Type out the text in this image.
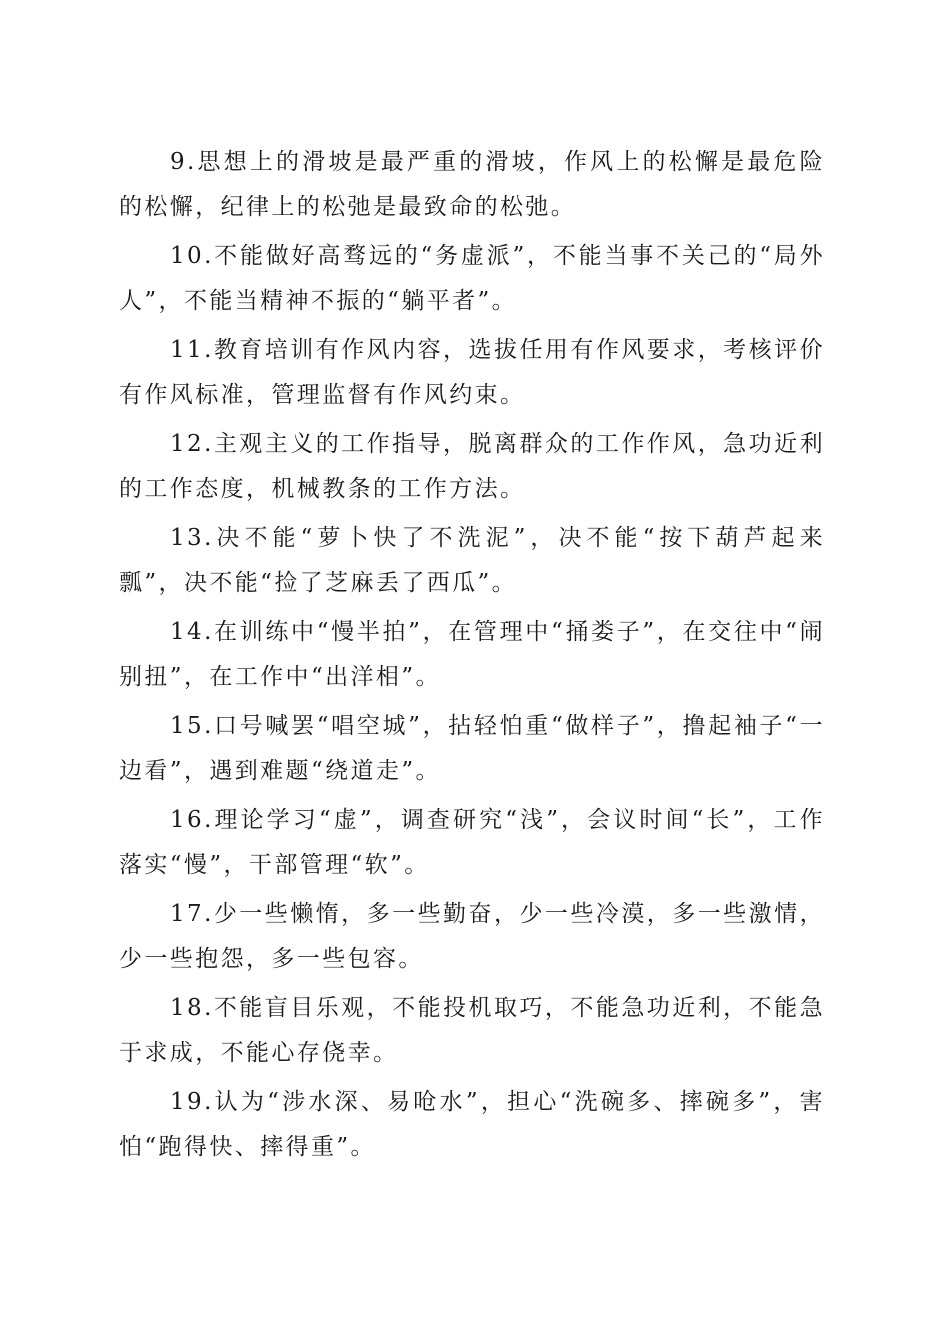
9.思想上的滑坡是最严重的滑坡，作风上的松懈是最危险的松懈，纪律上的松弛是最致命的松弛。

10.不能做好高骛远的“务虚派”，不能当事不关己的“局外人”，不能当精神不振的“躺平者”。

11.教育培训有作风内容，选拔任用有作风要求，考核评价有作风标准，管理监督有作风约束。

12.主观主义的工作指导，脱离群众的工作作风，急功近利的工作态度，机械教条的工作方法。

13.决不能“萝卜快了不洗泥”，决不能“按下葫芦起来瓢”，决不能“捡了芝麻丢了西瓜”。

14.在训练中“慢半拍”，在管理中“捅娄子”，在交往中“闹别扭”，在工作中“出洋相”。

15.口号喊罢“唱空城”，拈轻怕重“做样子”，撸起袖子“一边看”，遇到难题“绕道走”。

16.理论学习“虚”，调查研究“浅”，会议时间“长”，工作落实“慢”，干部管理“软”。

17.少一些懒惰，多一些勤奋，少一些冷漠，多一些激情，少一些抱怨，多一些包容。

18.不能盲目乐观，不能投机取巧，不能急功近利，不能急于求成，不能心存侥幸。

19.认为“涉水深、易呛水”，担心“洗碗多、摔碗多”，害怕“跑得快、摔得重”。
